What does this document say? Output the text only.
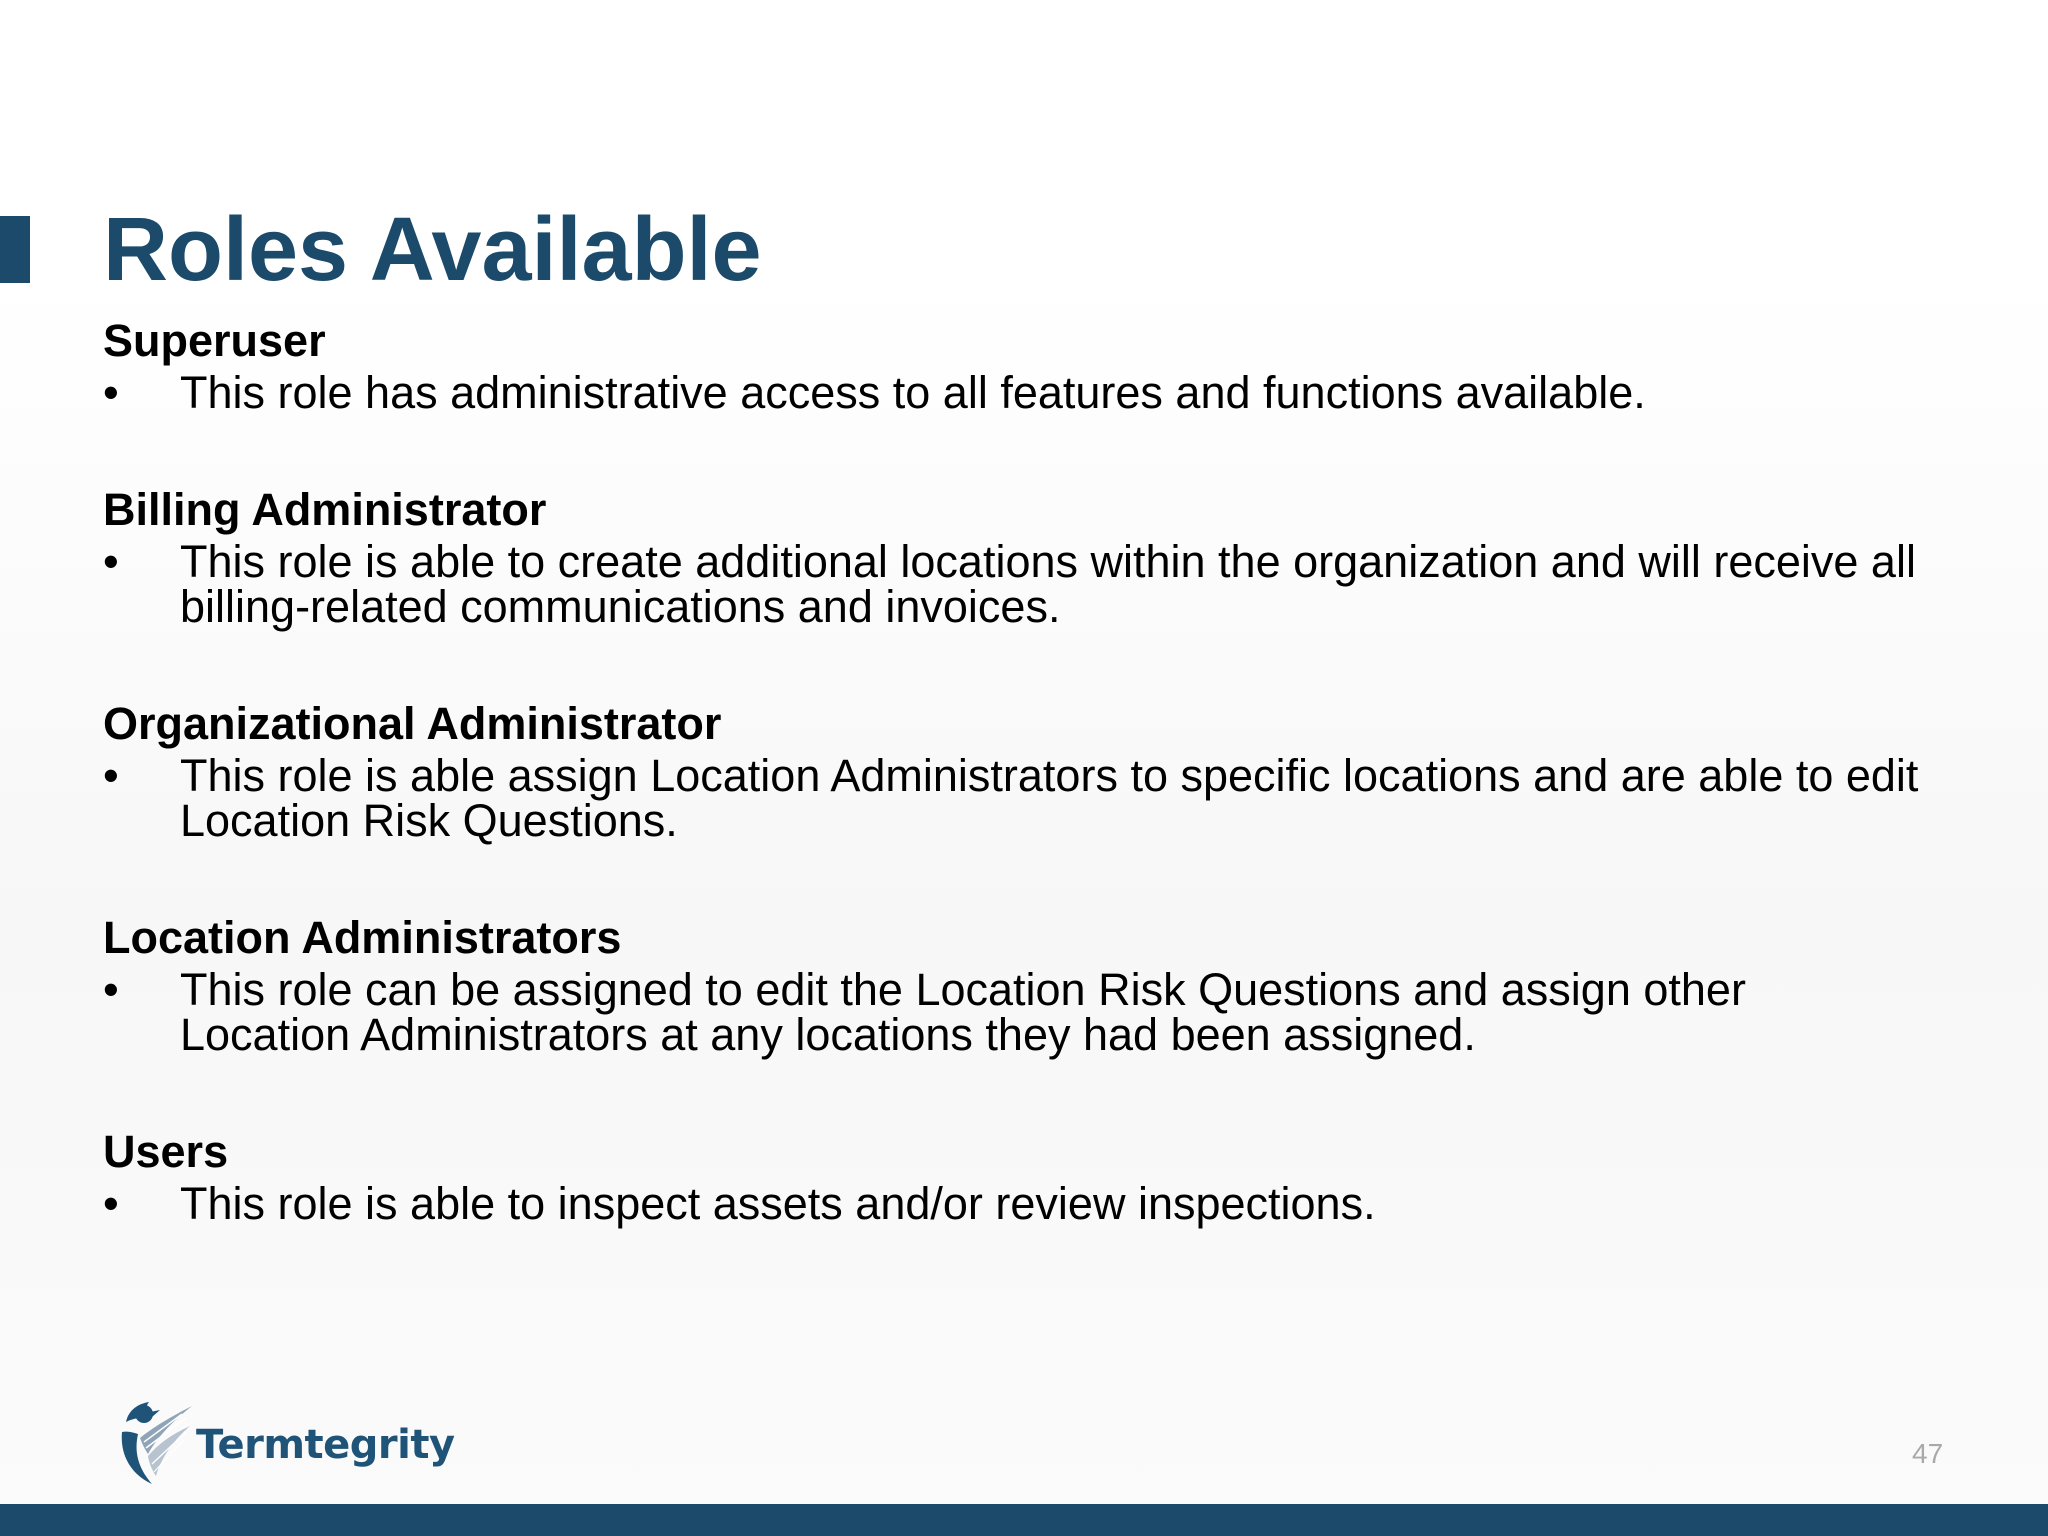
Roles Available

Superuser

•	This role has administrative access to all features and functions available.

Billing Administrator

•	This role is able to create additional locations within the organization and will receive all billing-related communications and invoices.

Organizational Administrator

•	This role is able assign Location Administrators to specific locations and are able to edit Location Risk Questions.

Location Administrators

•	This role can be assigned to edit the Location Risk Questions and assign other Location Administrators at any locations they had been assigned.

Users

•	This role is able to inspect assets and/or review inspections.
Termtegrity	47
